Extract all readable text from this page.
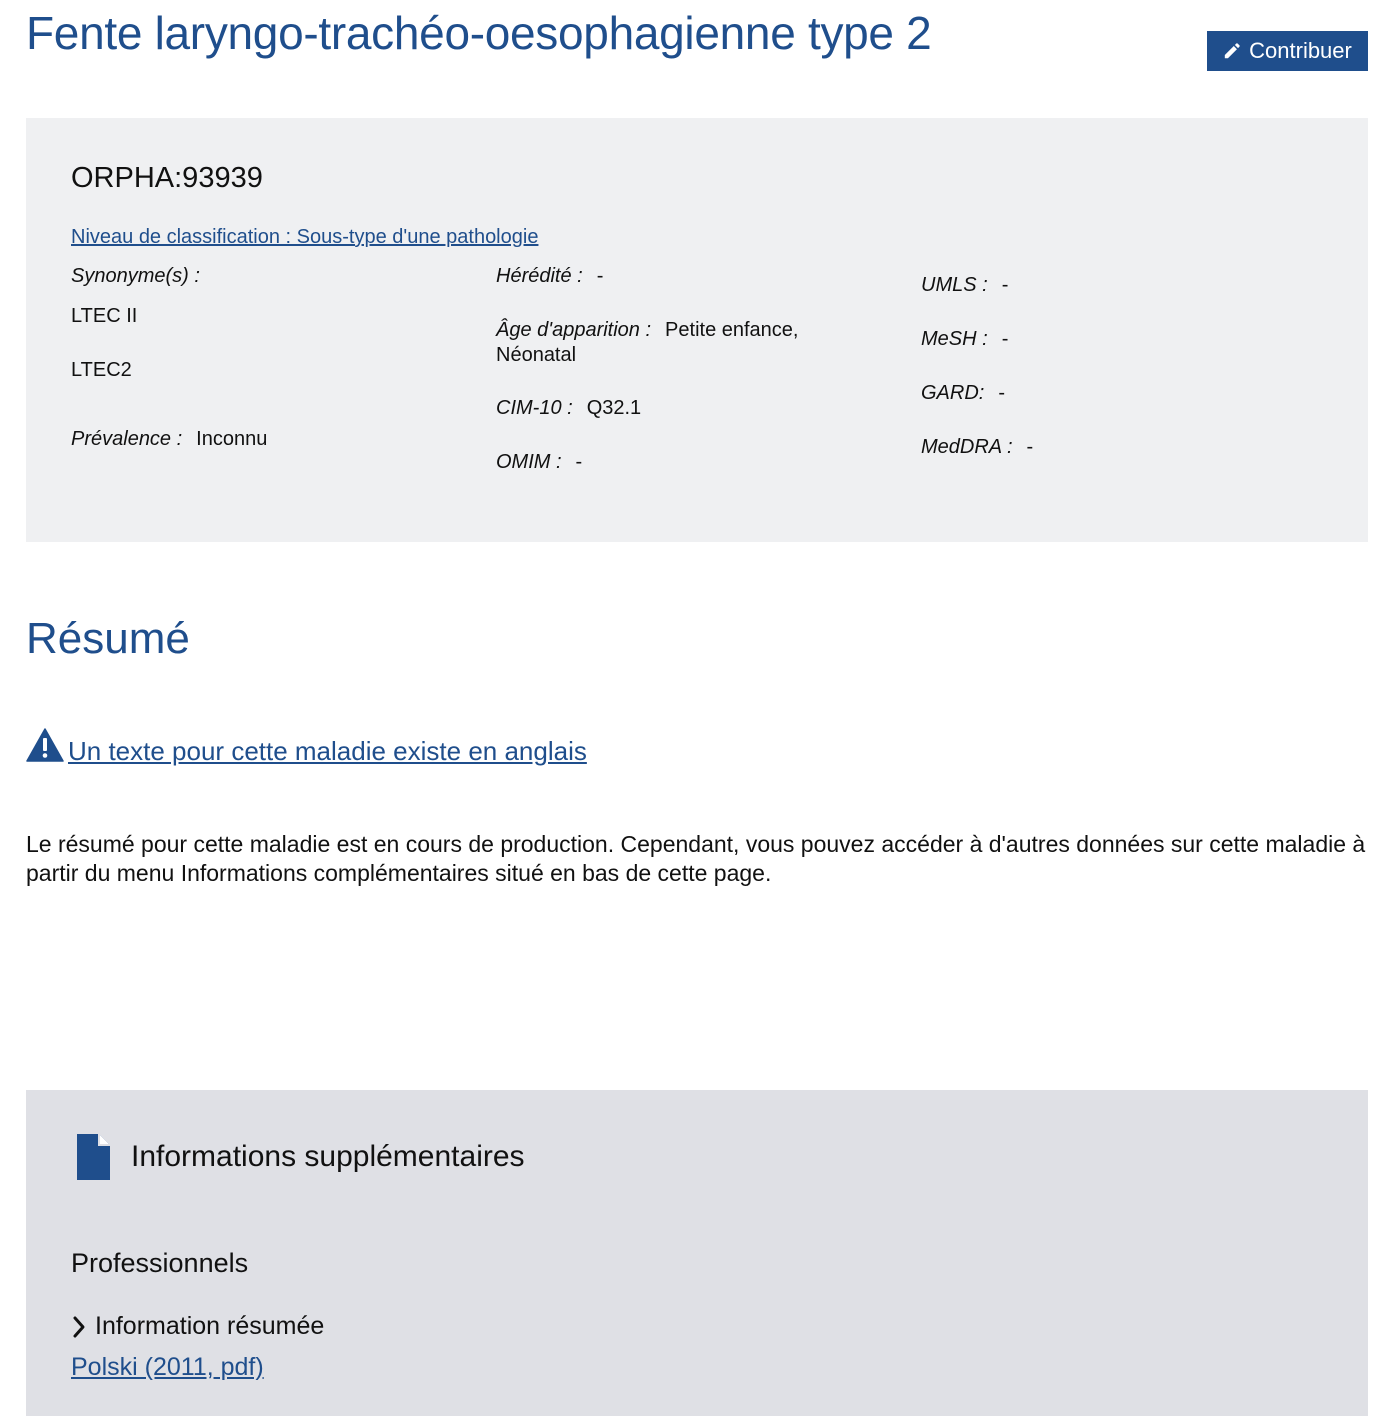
Fente laryngo-trachéo-oesophagienne type 2	Contribuer
ORPHA:93939
Niveau de classification : Sous-type d'une pathologie
Synonyme(s) :
LTEC II
LTEC2
Prévalence : Inconnu
Hérédité : -
Âge d'apparition : Petite enfance,
Néonatal
CIM-10 : Q32.1
OMIM : -
UMLS : -
MeSH : -
GARD: -
MedDRA : -
Résumé
Un texte pour cette maladie existe en anglais
Le résumé pour cette maladie est en cours de production. Cependant, vous pouvez accéder à d'autres données sur cette maladie à partir du menu Informations complémentaires situé en bas de cette page.
Informations supplémentaires
Professionnels
Information résumée
Polski (2011, pdf)
